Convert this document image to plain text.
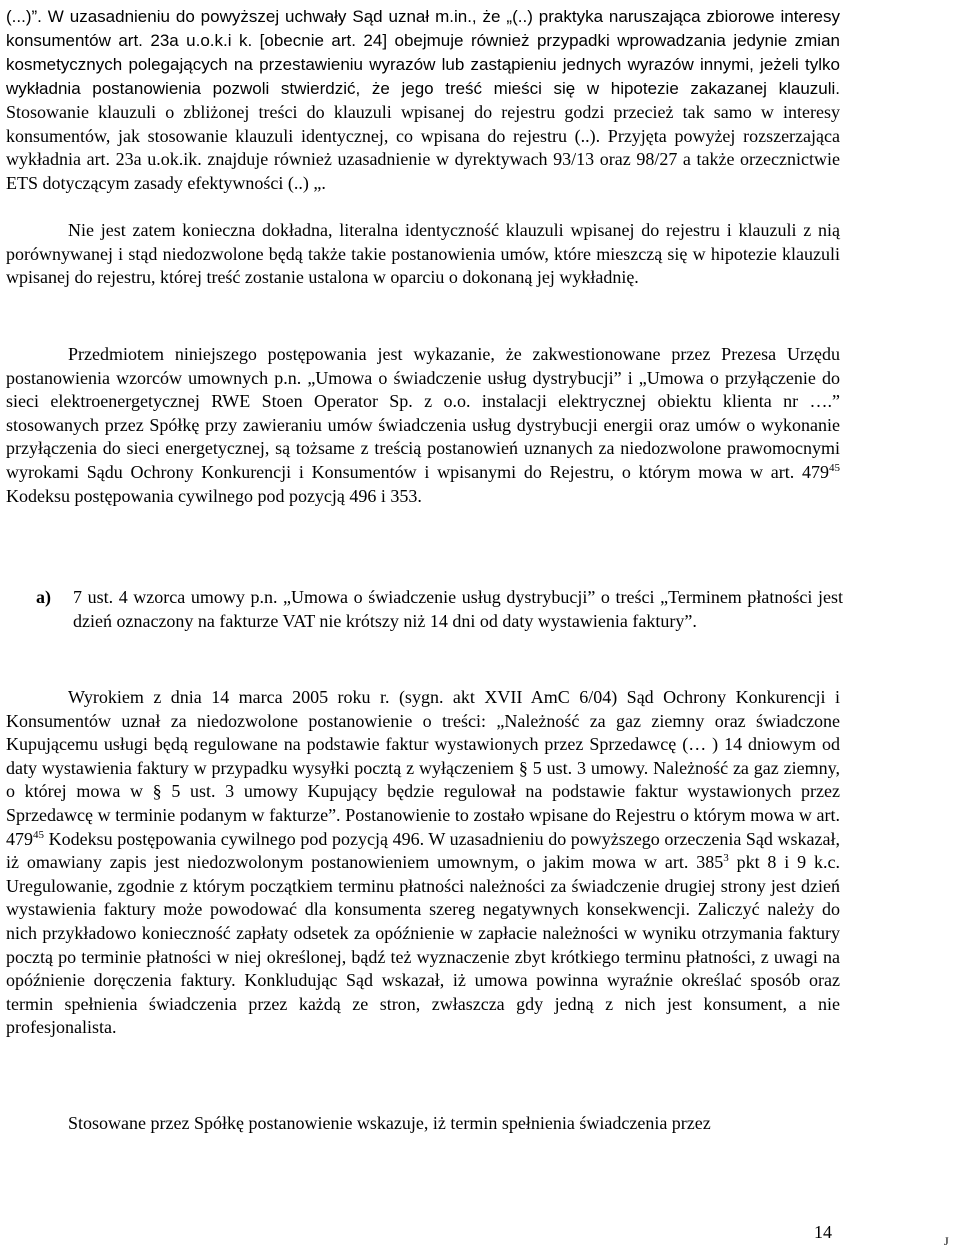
(...)”. W uzasadnieniu do powyższej uchwały Sąd uznał m.in., że „(..) praktyka naruszająca zbiorowe interesy konsumentów art. 23a u.o.k.i k. [obecnie art. 24] obejmuje również przypadki wprowadzania jedynie zmian kosmetycznych polegających na przestawieniu wyrazów lub zastąpieniu jednych wyrazów innymi, jeżeli tylko wykładnia postanowienia pozwoli stwierdzić, że jego treść mieści się w hipotezie zakazanej klauzuli. Stosowanie klauzuli o zbliżonej treści do klauzuli wpisanej do rejestru godzi przecież tak samo w interesy konsumentów, jak stosowanie klauzuli identycznej, co wpisana do rejestru (..). Przyjęta powyżej rozszerzająca wykładnia art. 23a u.ok.ik. znajduje również uzasadnienie w dyrektywach 93/13 oraz 98/27 a także orzecznictwie ETS dotyczącym zasady efektywności (..) „.

Nie jest zatem konieczna dokładna, literalna identyczność klauzuli wpisanej do rejestru i klauzuli z nią porównywanej i stąd niedozwolone będą także takie postanowienia umów, które mieszczą się w hipotezie klauzuli wpisanej do rejestru, której treść zostanie ustalona w oparciu o dokonaną jej wykładnię.

Przedmiotem niniejszego postępowania jest wykazanie, że zakwestionowane przez Prezesa Urzędu postanowienia wzorców umownych p.n. „Umowa o świadczenie usług dystrybucji” i „Umowa o przyłączenie do sieci elektroenergetycznej RWE Stoen Operator Sp. z o.o. instalacji elektrycznej obiektu klienta nr ….” stosowanych przez Spółkę przy zawieraniu umów świadczenia usług dystrybucji energii oraz umów o wykonanie przyłączenia do sieci energetycznej, są tożsame z treścią postanowień uznanych za niedozwolone prawomocnymi wyrokami Sądu Ochrony Konkurencji i Konsumentów i wpisanymi do Rejestru, o którym mowa w art. $479^{45}$ Kodeksu postępowania cywilnego pod pozycją 496 i 353.

a) 7 ust. 4 wzorca umowy p.n. „Umowa o świadczenie usług dystrybucji” o treści „Terminem płatności jest dzień oznaczony na fakturze VAT nie krótszy niż 14 dni od daty wystawienia faktury”.

Wyrokiem z dnia 14 marca 2005 roku r. (sygn. akt XVII AmC 6/04) Sąd Ochrony Konkurencji i Konsumentów uznał za niedozwolone postanowienie o treści: „Należność za gaz ziemny oraz świadczone Kupującemu usługi będą regulowane na podstawie faktur wystawionych przez Sprzedawcę (… ) 14 dniowym od daty wystawienia faktury w przypadku wysyłki pocztą z wyłączeniem § 5 ust. 3 umowy. Należność za gaz ziemny, o której mowa w § 5 ust. 3 umowy Kupujący będzie regulował na podstawie faktur wystawionych przez Sprzedawcę w terminie podanym w fakturze”. Postanowienie to zostało wpisane do Rejestru o którym mowa w art. $479^{45}$ Kodeksu postępowania cywilnego pod pozycją 496. W uzasadnieniu do powyższego orzeczenia Sąd wskazał, iż omawiany zapis jest niedozwolonym postanowieniem umownym, o jakim mowa w art. $385^3$ pkt 8 i 9 k.c. Uregulowanie, zgodnie z którym początkiem terminu płatności należności za świadczenie drugiej strony jest dzień wystawienia faktury może powodować dla konsumenta szereg negatywnych konsekwencji. Zaliczyć należy do nich przykładowo konieczność zapłaty odsetek za opóźnienie w zapłacie należności w wyniku otrzymania faktury pocztą po terminie płatności w niej określonej, bądź też wyznaczenie zbyt krótkiego terminu płatności, z uwagi na opóźnienie doręczenia faktury. Konkludując Sąd wskazał, iż umowa powinna wyraźnie określać sposób oraz termin spełnienia świadczenia przez każdą ze stron, zwłaszcza gdy jedną z nich jest konsument, a nie profesjonalista.

Stosowane przez Spółkę postanowienie wskazuje, iż termin spełnienia świadczenia przez

14	J
